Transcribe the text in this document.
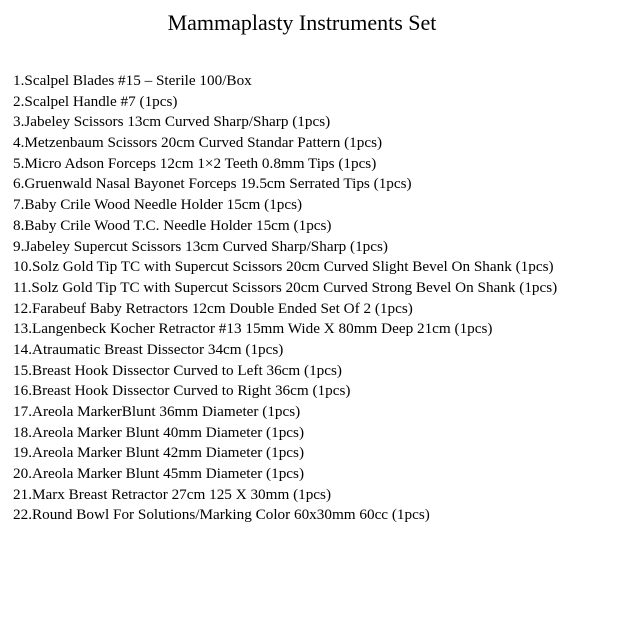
Mammaplasty Instruments Set
1.Scalpel Blades #15 – Sterile 100/Box
2.Scalpel Handle #7 (1pcs)
3.Jabeley Scissors 13cm Curved Sharp/Sharp (1pcs)
4.Metzenbaum Scissors 20cm Curved Standar Pattern (1pcs)
5.Micro Adson Forceps 12cm 1×2 Teeth 0.8mm Tips (1pcs)
6.Gruenwald Nasal Bayonet Forceps 19.5cm Serrated Tips (1pcs)
7.Baby Crile Wood Needle Holder 15cm (1pcs)
8.Baby Crile Wood T.C. Needle Holder 15cm (1pcs)
9.Jabeley Supercut Scissors 13cm Curved Sharp/Sharp (1pcs)
10.Solz Gold Tip TC with Supercut Scissors 20cm Curved Slight Bevel On Shank (1pcs)
11.Solz Gold Tip TC with Supercut Scissors 20cm Curved Strong Bevel On Shank (1pcs)
12.Farabeuf Baby Retractors 12cm Double Ended Set Of 2 (1pcs)
13.Langenbeck Kocher Retractor #13 15mm Wide X 80mm Deep 21cm (1pcs)
14.Atraumatic Breast Dissector 34cm (1pcs)
15.Breast Hook Dissector Curved to Left 36cm (1pcs)
16.Breast Hook Dissector Curved to Right 36cm (1pcs)
17.Areola MarkerBlunt 36mm Diameter (1pcs)
18.Areola Marker Blunt 40mm Diameter (1pcs)
19.Areola Marker Blunt 42mm Diameter (1pcs)
20.Areola Marker Blunt 45mm Diameter (1pcs)
21.Marx Breast Retractor 27cm 125 X 30mm (1pcs)
22.Round Bowl For Solutions/Marking Color 60x30mm 60cc (1pcs)
